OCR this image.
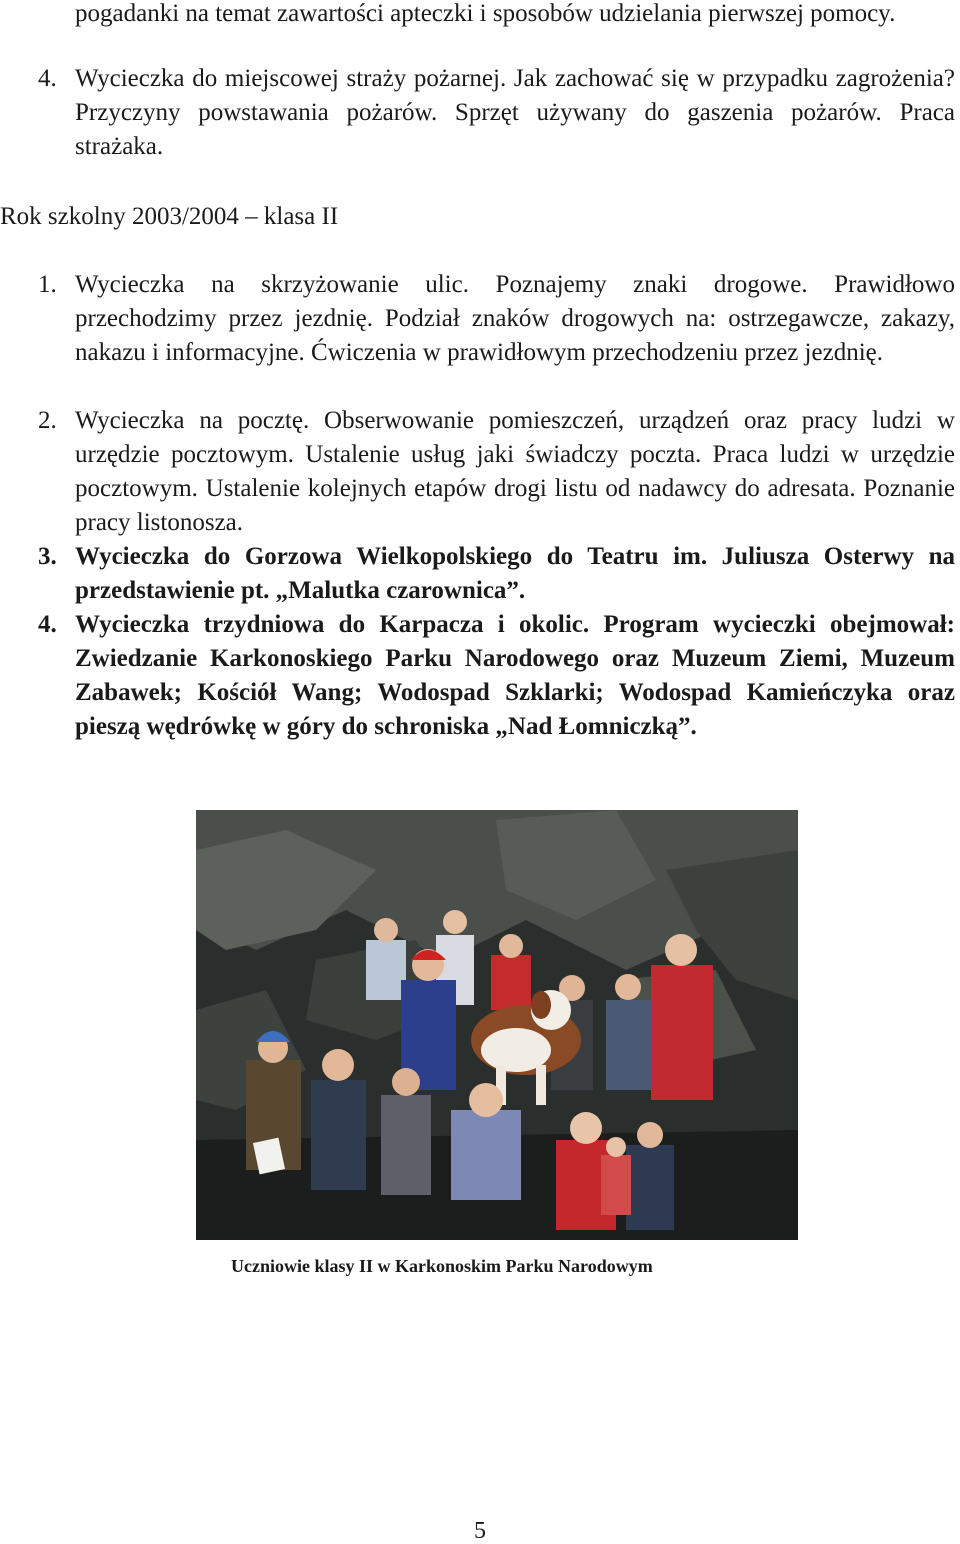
pogadanki na temat zawartości apteczki i sposobów udzielania pierwszej pomocy.

4. Wycieczka do miejscowej straży pożarnej. Jak zachować się w przypadku zagrożenia? Przyczyny powstawania pożarów. Sprzęt używany do gaszenia pożarów. Praca strażaka.

Rok szkolny 2003/2004 – klasa II

1. Wycieczka na skrzyżowanie ulic. Poznajemy znaki drogowe. Prawidłowo przechodzimy przez jezdnię. Podział znaków drogowych na: ostrzegawcze, zakazy, nakazu i informacyjne. Ćwiczenia w prawidłowym przechodzeniu przez jezdnię.
2. Wycieczka na pocztę. Obserwowanie pomieszczeń, urządzeń oraz pracy ludzi w urzędzie pocztowym. Ustalenie usług jaki świadczy poczta. Praca ludzi w urzędzie pocztowym. Ustalenie kolejnych etapów drogi listu od nadawcy do adresata. Poznanie pracy listonosza.
3. Wycieczka do Gorzowa Wielkopolskiego do Teatru im. Juliusza Osterwy na przedstawienie pt. „Malutka czarownica”.
4. Wycieczka trzydniowa do Karpacza i okolic. Program wycieczki obejmował: Zwiedzanie Karkonoskiego Parku Narodowego oraz Muzeum Ziemi, Muzeum Zabawek; Kościół Wang; Wodospad Szklarki; Wodospad Kamieńczyka oraz pieszą wędrówkę w góry do schroniska „Nad Łomniczką”.

Uczniowie klasy II w Karkonoskim Parku Narodowym

5
